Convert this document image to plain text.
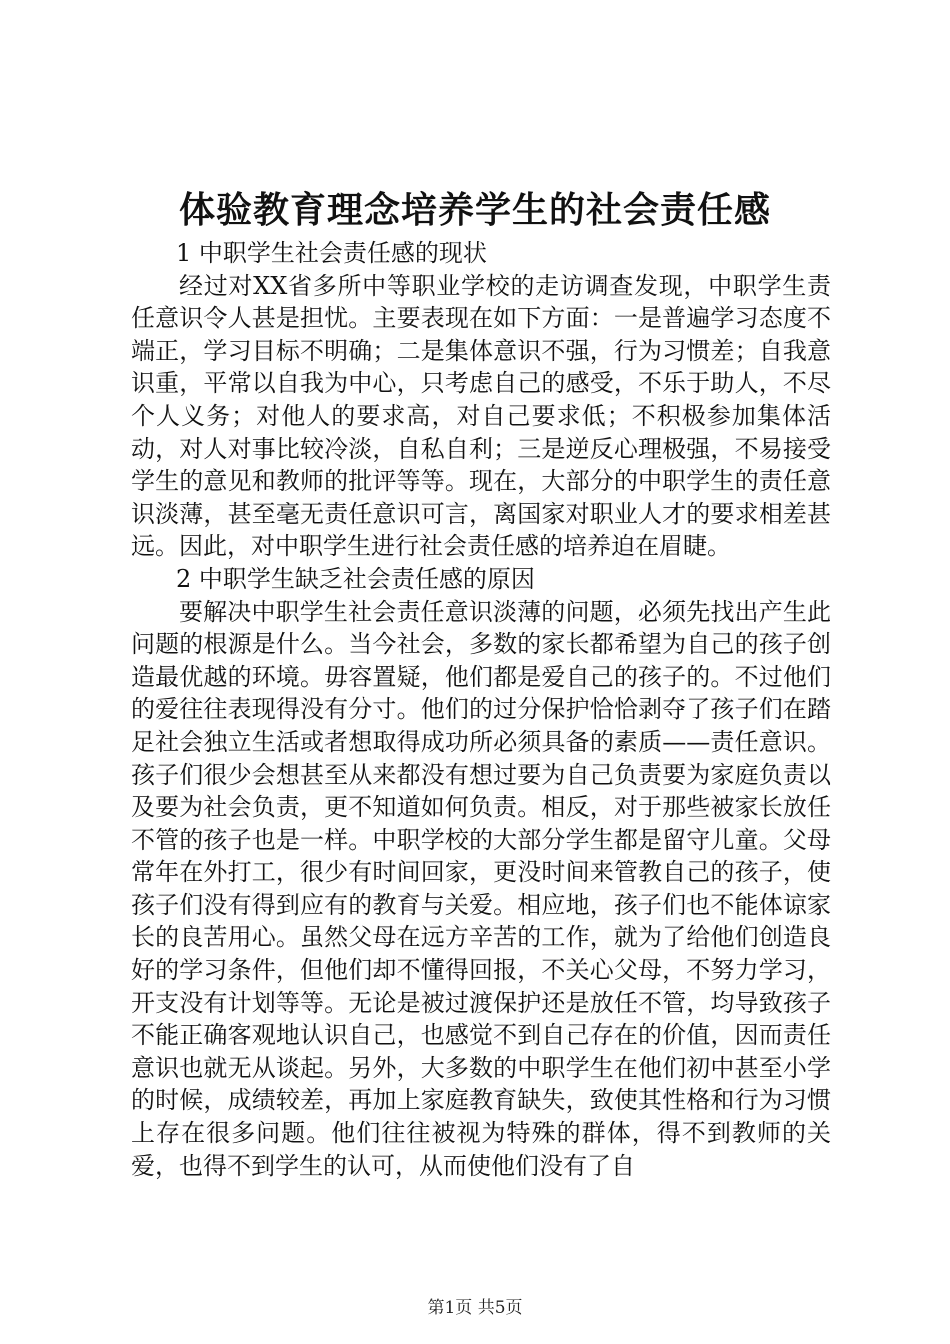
体验教育理念培养学生的社会责任感

1 中职学生社会责任感的现状

经过对XX省多所中等职业学校的走访调查发现，中职学生责任意识令人甚是担忧。主要表现在如下方面：一是普遍学习态度不端正，学习目标不明确；二是集体意识不强，行为习惯差；自我意识重，平常以自我为中心，只考虑自己的感受，不乐于助人，不尽个人义务；对他人的要求高，对自己要求低；不积极参加集体活动，对人对事比较冷淡，自私自利；三是逆反心理极强，不易接受学生的意见和教师的批评等等。现在，大部分的中职学生的责任意识淡薄，甚至毫无责任意识可言，离国家对职业人才的要求相差甚远。因此，对中职学生进行社会责任感的培养迫在眉睫。

2 中职学生缺乏社会责任感的原因

要解决中职学生社会责任意识淡薄的问题，必须先找出产生此问题的根源是什么。当今社会，多数的家长都希望为自己的孩子创造最优越的环境。毋容置疑，他们都是爱自己的孩子的。不过他们的爱往往表现得没有分寸。他们的过分保护恰恰剥夺了孩子们在踏足社会独立生活或者想取得成功所必须具备的素质——责任意识。孩子们很少会想甚至从来都没有想过要为自己负责要为家庭负责以及要为社会负责，更不知道如何负责。相反，对于那些被家长放任不管的孩子也是一样。中职学校的大部分学生都是留守儿童。父母常年在外打工，很少有时间回家，更没时间来管教自己的孩子，使孩子们没有得到应有的教育与关爱。相应地，孩子们也不能体谅家长的良苦用心。虽然父母在远方辛苦的工作，就为了给他们创造良好的学习条件，但他们却不懂得回报，不关心父母，不努力学习，开支没有计划等等。无论是被过渡保护还是放任不管，均导致孩子不能正确客观地认识自己，也感觉不到自己存在的价值，因而责任意识也就无从谈起。另外，大多数的中职学生在他们初中甚至小学的时候，成绩较差，再加上家庭教育缺失，致使其性格和行为习惯上存在很多问题。他们往往被视为特殊的群体，得不到教师的关爱，也得不到学生的认可，从而使他们没有了自

第1页 共5页
